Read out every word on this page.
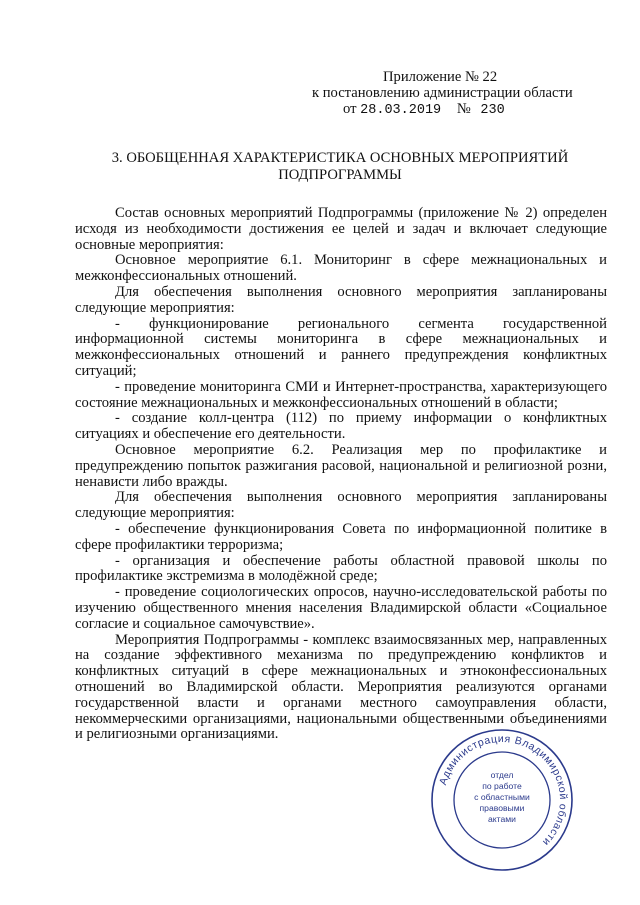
Приложение № 22
к постановлению администрации области
от 28.03.2019 № 230
3. ОБОБЩЕННАЯ ХАРАКТЕРИСТИКА ОСНОВНЫХ МЕРОПРИЯТИЙ
ПОДПРОГРАММЫ

Состав основных мероприятий Подпрограммы (приложение № 2) определен исходя из необходимости достижения ее целей и задач и включает следующие основные мероприятия:

Основное мероприятие 6.1. Мониторинг в сфере межнациональных и межконфессиональных отношений.

Для обеспечения выполнения основного мероприятия запланированы следующие мероприятия:

- функционирование регионального сегмента государственной информационной системы мониторинга в сфере межнациональных и межконфессиональных отношений и раннего предупреждения конфликтных ситуаций;

- проведение мониторинга СМИ и Интернет-пространства, характеризующего состояние межнациональных и межконфессиональных отношений в области;

- создание колл-центра (112) по приему информации о конфликтных ситуациях и обеспечение его деятельности.

Основное мероприятие 6.2. Реализация мер по профилактике и предупреждению попыток разжигания расовой, национальной и религиозной розни, ненависти либо вражды.

Для обеспечения выполнения основного мероприятия запланированы следующие мероприятия:

- обеспечение функционирования Совета по информационной политике в сфере профилактики терроризма;

- организация и обеспечение работы областной правовой школы по профилактике экстремизма в молодёжной среде;

- проведение социологических опросов, научно-исследовательской работы по изучению общественного мнения населения Владимирской области «Социальное согласие и социальное самочувствие».

Мероприятия Подпрограммы - комплекс взаимосвязанных мер, направленных на создание эффективного механизма по предупреждению конфликтов и конфликтных ситуаций в сфере межнациональных и этноконфессиональных отношений во Владимирской области. Мероприятия реализуются органами государственной власти и органами местного самоуправления области, некоммерческими организациями, национальными общественными объединениями и религиозными организациями.

Администрация Владимирской области
отдел
по работе
с областными
правовыми
актами
